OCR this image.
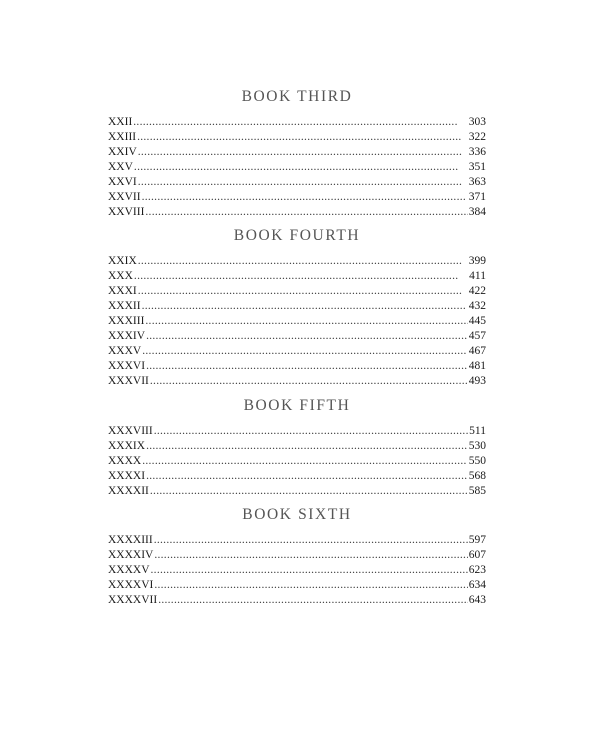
BOOK THIRD
XXII . . .	303
XXIII . . .	322
XXIV . . .	336
XXV . . .	351
XXVI . . .	363
XXVII . . .	371
XXVIII . . .	384
BOOK FOURTH
XXIX . . .	399
XXX . . .	411
XXXI . . .	422
XXXII . . .	432
XXXIII . . .	445
XXXIV . . .	457
XXXV . . .	467
XXXVI . . .	481
XXXVII . . .	493
BOOK FIFTH
XXXVIII . . .	511
XXXIX . . .	530
XXXX . . .	550
XXXXI . . .	568
XXXXII . . .	585
BOOK SIXTH
XXXXIII . . .	597
XXXXIV . . .	607
XXXXV . . .	623
XXXXVI . . .	634
XXXXVII . . .	643
